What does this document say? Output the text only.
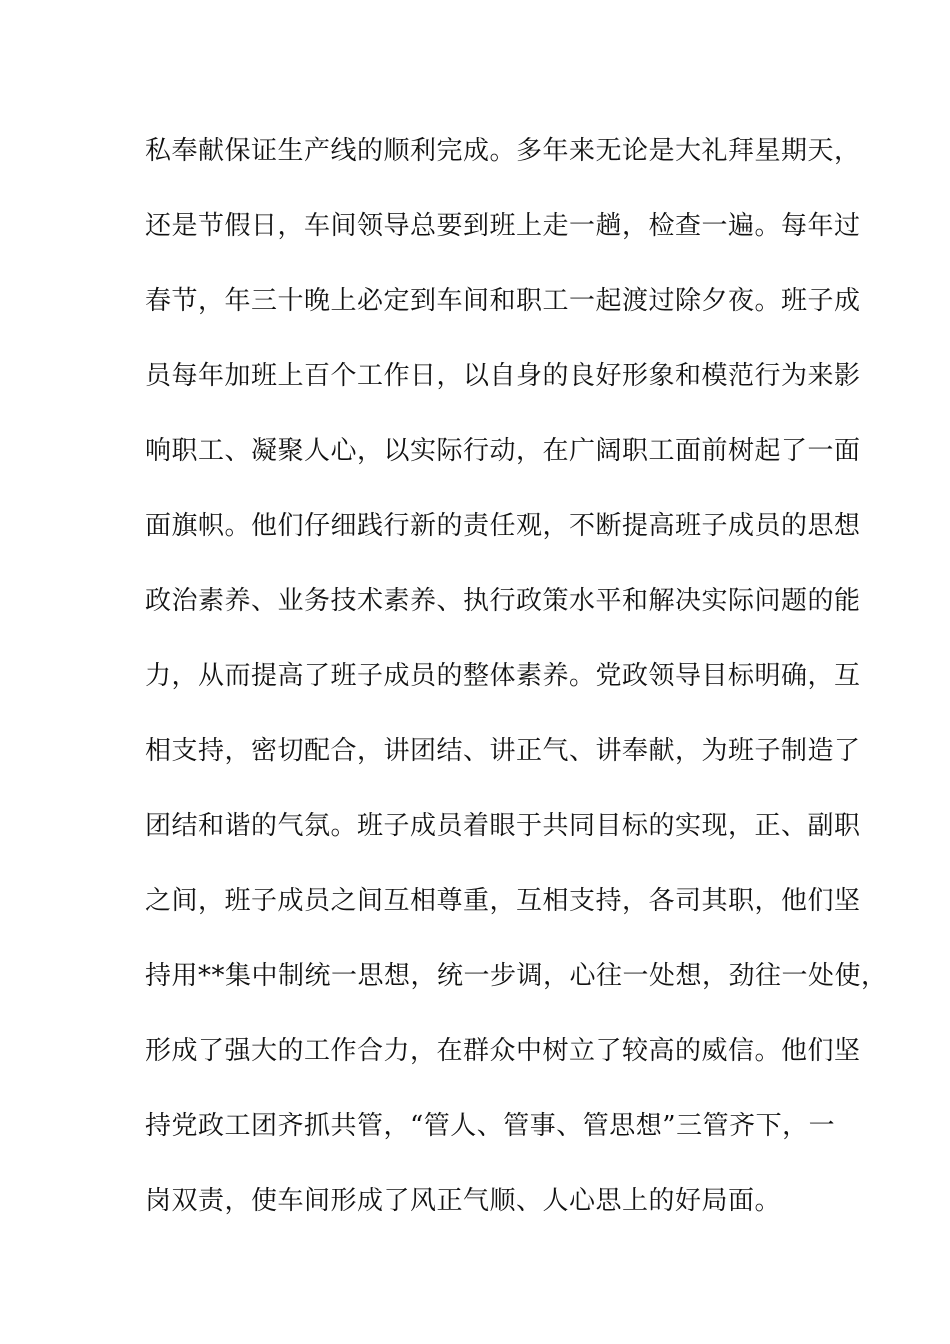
私奉献保证生产线的顺利完成。多年来无论是大礼拜星期天，
还是节假日，车间领导总要到班上走一趟，检查一遍。每年过
春节，年三十晚上必定到车间和职工一起渡过除夕夜。班子成
员每年加班上百个工作日，以自身的良好形象和模范行为来影
响职工、凝聚人心，以实际行动，在广阔职工面前树起了一面
面旗帜。他们仔细践行新的责任观，不断提高班子成员的思想
政治素养、业务技术素养、执行政策水平和解决实际问题的能
力，从而提高了班子成员的整体素养。党政领导目标明确，互
相支持，密切配合，讲团结、讲正气、讲奉献，为班子制造了
团结和谐的气氛。班子成员着眼于共同目标的实现，正、副职
之间，班子成员之间互相尊重，互相支持，各司其职，他们坚
持用**集中制统一思想，统一步调，心往一处想，劲往一处使，
形成了强大的工作合力，在群众中树立了较高的威信。他们坚
持党政工团齐抓共管，“管人、管事、管思想”三管齐下，一
岗双责，使车间形成了风正气顺、人心思上的好局面。
